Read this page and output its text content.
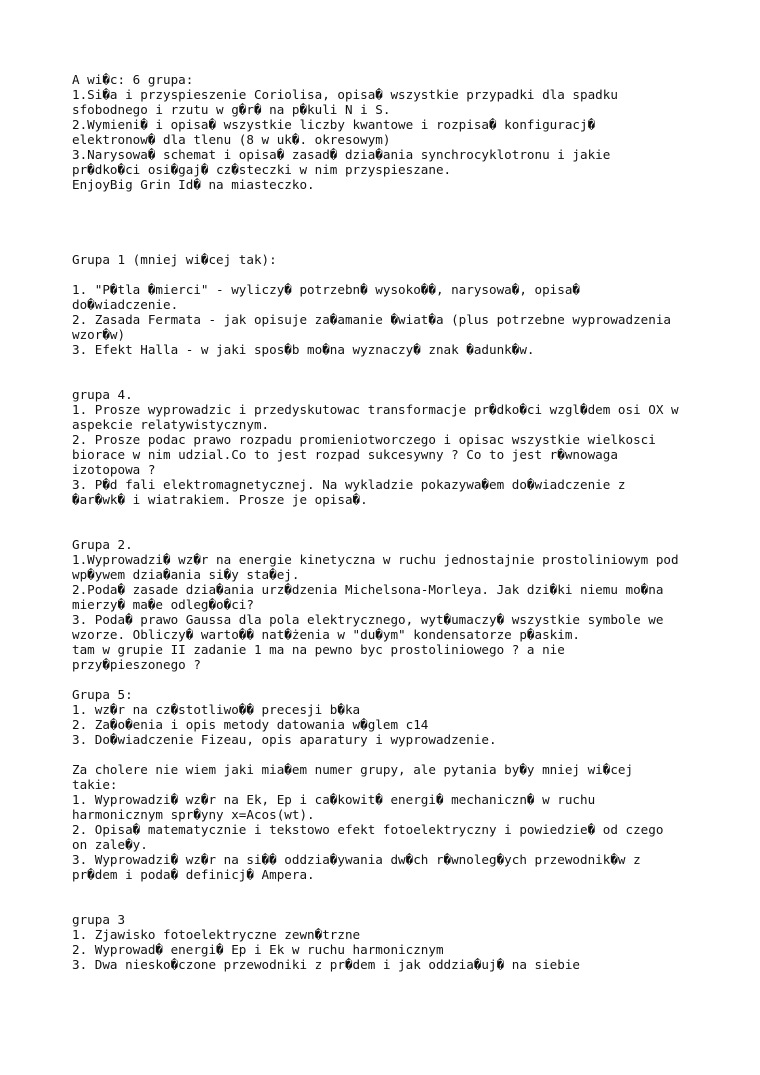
A wi�c: 6 grupa:
1.Si�a i przyspieszenie Coriolisa, opisa� wszystkie przypadki dla spadku
sfobodnego i rzutu w g�r� na p�kuli N i S.
2.Wymieni� i opisa� wszystkie liczby kwantowe i rozpisa� konfiguracj�
elektronow� dla tlenu (8 w uk�. okresowym)
3.Narysowa� schemat i opisa� zasad� dzia�ania synchrocyklotronu i jakie
pr�dko�ci osi�gaj� cz�steczki w nim przyspieszane.
EnjoyBig Grin Id� na miasteczko.
Grupa 1 (mniej wi�cej tak):
1. "P�tla �mierci" - wyliczy� potrzebn� wysoko��, narysowa�, opisa�
do�wiadczenie.
2. Zasada Fermata - jak opisuje za�amanie �wiat�a (plus potrzebne wyprowadzenia
wzor�w)
3. Efekt Halla - w jaki spos�b mo�na wyznaczy� znak �adunk�w.
grupa 4.
1. Prosze wyprowadzic i przedyskutowac transformacje pr�dko�ci wzgl�dem osi OX w
aspekcie relatywistycznym.
2. Prosze podac prawo rozpadu promieniotworczego i opisac wszystkie wielkosci
biorace w nim udzial.Co to jest rozpad sukcesywny ? Co to jest r�wnowaga
izotopowa ?
3. P�d fali elektromagnetycznej. Na wykladzie pokazywa�em do�wiadczenie z
�ar�wk� i wiatrakiem. Prosze je opisa�.
Grupa 2.
1.Wyprowadzi� wz�r na energie kinetyczna w ruchu jednostajnie prostoliniowym pod
wp�ywem dzia�ania si�y sta�ej.
2.Poda� zasade dzia�ania urz�dzenia Michelsona-Morleya. Jak dzi�ki niemu mo�na
mierzy� ma�e odleg�o�ci?
3. Poda� prawo Gaussa dla pola elektrycznego, wyt�umaczy� wszystkie symbole we
wzorze. Obliczy� warto�� nat�żenia w "du�ym" kondensatorze p�askim.
tam w grupie II zadanie 1 ma na pewno byc prostoliniowego ? a nie
przy�pieszonego ?
Grupa 5:
1. wz�r na cz�stotliwo�� precesji b�ka
2. Za�o�enia i opis metody datowania w�glem c14
3. Do�wiadczenie Fizeau, opis aparatury i wyprowadzenie.
Za cholere nie wiem jaki mia�em numer grupy, ale pytania by�y mniej wi�cej
takie:
1. Wyprowadzi� wz�r na Ek, Ep i ca�kowit� energi� mechaniczn� w ruchu
harmonicznym spr�yny x=Acos(wt).
2. Opisa� matematycznie i tekstowo efekt fotoelektryczny i powiedzie� od czego
on zale�y.
3. Wyprowadzi� wz�r na si�� oddzia�ywania dw�ch r�wnoleg�ych przewodnik�w z
pr�dem i poda� definicj� Ampera.
grupa 3
1. Zjawisko fotoelektryczne zewn�trzne
2. Wyprowad� energi� Ep i Ek w ruchu harmonicznym
3. Dwa niesko�czone przewodniki z pr�dem i jak oddzia�uj� na siebie
